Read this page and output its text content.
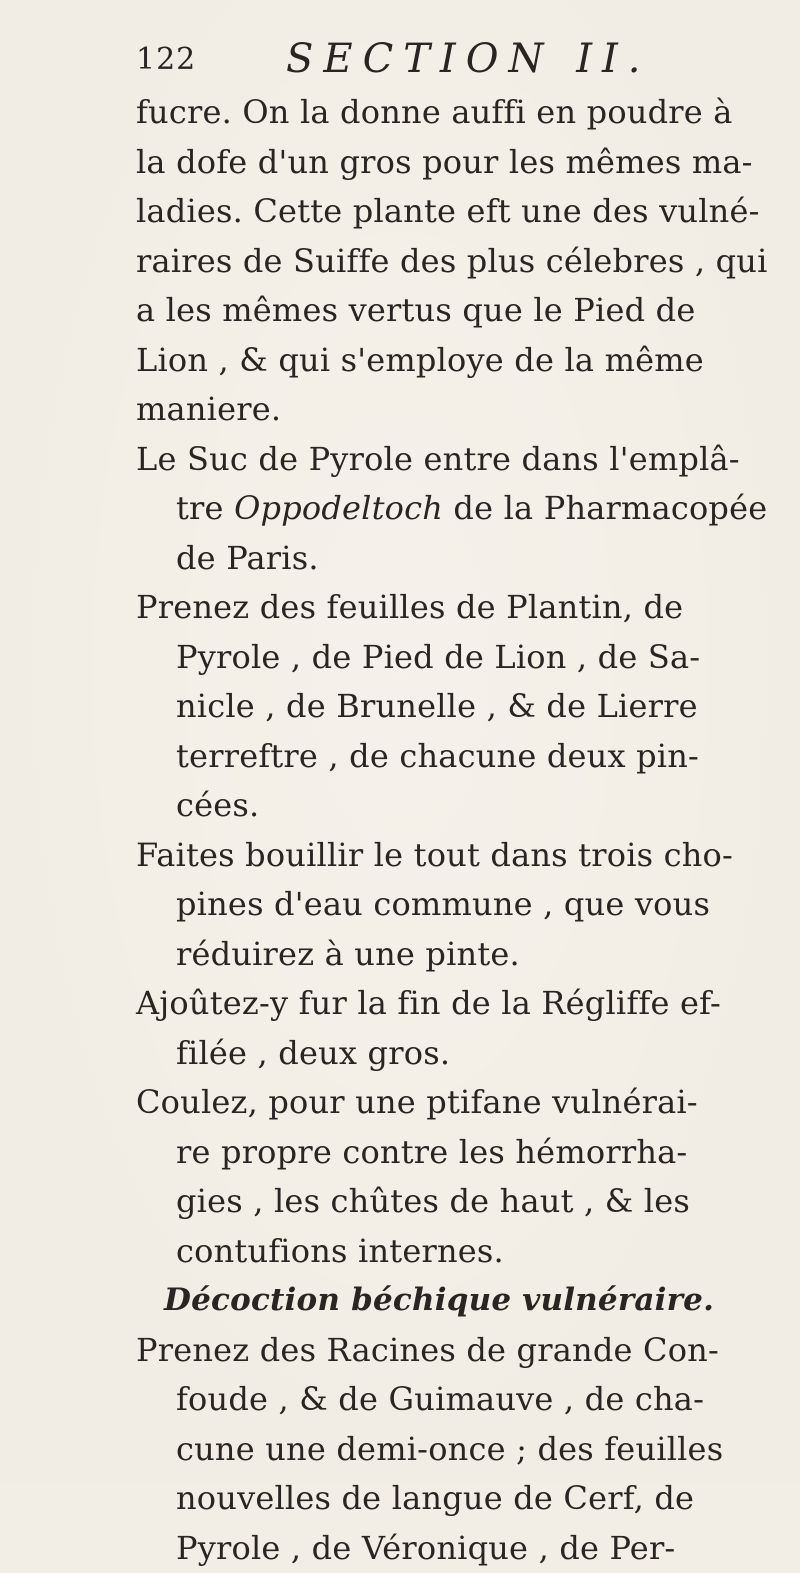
122 SECTION II.
fucre. On la donne auffi en poudre à
la dofe d'un gros pour les mêmes ma-
ladies. Cette plante eft une des vulné-
raires de Suiffe des plus célebres , qui
a les mêmes vertus que le Pied de
Lion , & qui s'employe de la même
maniere.
Le Suc de Pyrole entre dans l'emplâ-
tre Oppodeltoch de la Pharmacopée
de Paris.
Prenez des feuilles de Plantin, de
Pyrole , de Pied de Lion , de Sa-
nicle , de Brunelle , & de Lierre
terreftre , de chacune deux pin-
cées.
Faites bouillir le tout dans trois cho-
pines d'eau commune , que vous
réduirez à une pinte.
Ajoûtez-y fur la fin de la Régliffe ef-
filée , deux gros.
Coulez, pour une ptifane vulnérai-
re propre contre les hémorrha-
gies , les chûtes de haut , & les
contufions internes.
Décoction béchique vulnéraire.
Prenez des Racines de grande Con-
foude , & de Guimauve , de cha-
cune une demi-once ; des feuilles
nouvelles de langue de Cerf, de
Pyrole , de Véronique , de Per-
